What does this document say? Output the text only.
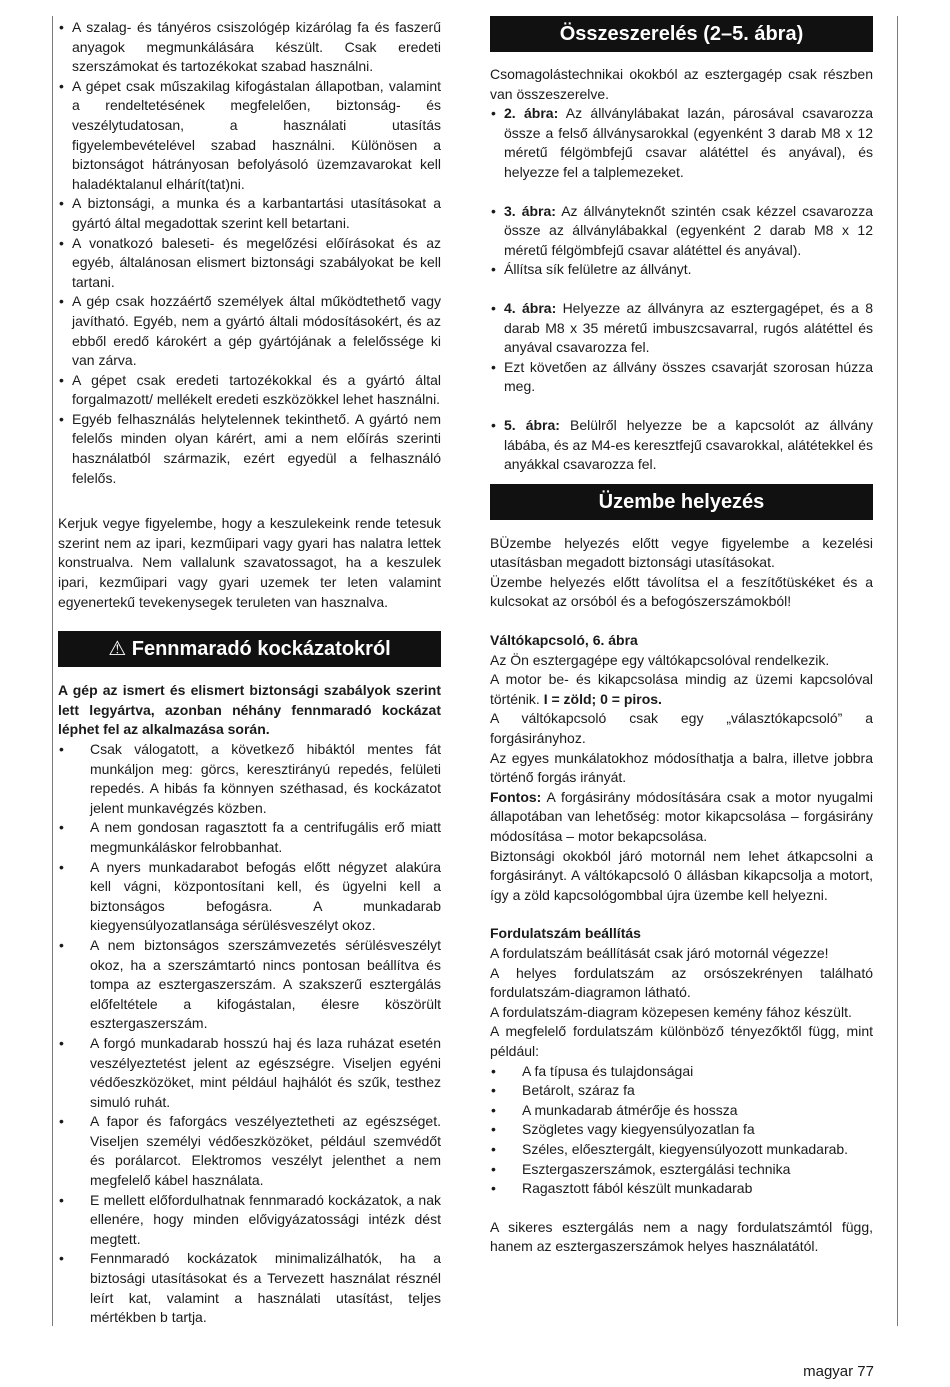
• A szalag- és tányéros csiszológép kizárólag fa és faszerű anyagok megmunkálására készült. Csak eredeti szerszámokat és tartozékokat szabad használni.
• A gépet csak műszakilag kifogástalan állapotban, valamint a rendeltetésének megfelelően, biztonság- és veszélytudatosan, a használati utasítás figyelembevételével szabad használni. Különösen a biztonságot hátrányosan befolyásoló üzemzavarokat kell haladéktalanul elhárít(tat)ni.
• A biztonsági, a munka és a karbantartási utasításokat a gyártó által megadottak szerint kell betartani.
• A vonatkozó baleseti- és megelőzési előírásokat és az egyéb, általánosan elismert biztonsági szabályokat be kell tartani.
• A gép csak hozzáértő személyek által működtethető vagy javítható. Egyéb, nem a gyártó általi módosításokért, és az ebből eredő károkért a gép gyártójának a felelőssége ki van zárva.
• A gépet csak eredeti tartozékokkal és a gyártó által forgalmazott/ mellékelt eredeti eszközökkel lehet használni.
• Egyéb felhasználás helytelennek tekinthető. A gyártó nem felelős minden olyan kárért, ami a nem előírás szerinti használatból származik, ezért egyedül a felhasználó felelős.

Kerjuk vegye figyelembe, hogy a keszulekeink rende tetesuk szerint nem az ipari, kezműipari vagy gyari has nalatra lettek konstrualva. Nem vallalunk szavatossagot, ha a keszulek ipari, kezműipari vagy gyari uzemek ter leten valamint egyenertekű tevekenysegek teruleten van hasznalva.

⚠ Fennmaradó kockázatokról

A gép az ismert és elismert biztonsági szabályok szerint lett legyártva, azonban néhány fennmaradó kockázat léphet fel az alkalmazása során.

• Csak válogatott, a következő hibáktól mentes fát munkáljon meg: görcs, keresztirányú repedés, felületi repedés. A hibás fa könnyen széthasad, és kockázatot jelent munkavégzés közben.
• A nem gondosan ragasztott fa a centrifugális erő miatt megmunkáláskor felrobbanhat.
• A nyers munkadarabot befogás előtt négyzet alakúra kell vágni, központosítani kell, és ügyelni kell a biztonságos befogásra. A munkadarab kiegyensúlyozatlansága sérülésveszélyt okoz.
• A nem biztonságos szerszámvezetés sérülésveszélyt okoz, ha a szerszámtartó nincs pontosan beállítva és tompa az esztergaszerszám. A szakszerű esztergálás előfeltétele a kifogástalan, élesre köszörült esztergaszerszám.
• A forgó munkadarab hosszú haj és laza ruházat esetén veszélyeztetést jelent az egészségre. Viseljen egyéni védőeszközöket, mint például hajhálót és szűk, testhez simuló ruhát.
• A fapor és faforgács veszélyeztetheti az egészséget. Viseljen személyi védőeszközöket, például szemvédőt és porálarcot. Elektromos veszélyt jelenthet a nem megfelelő kábel használata.
• E mellett előfordulhatnak fennmaradó kockázatok, a nak ellenére, hogy minden elővigyázatossági intézk dést megtett.
• Fennmaradó kockázatok minimalizálhatók, ha a biztosági utasításokat és a Tervezett használat résznél leírt kat, valamint a használati utasítást, teljes mértékben b tartja.
Összeszerelés (2–5. ábra)

Csomagolástechnikai okokból az esztergagép csak részben van összeszerelve.

• 2. ábra: Az állványlábakat lazán, párosával csavarozza össze a felső állványsarokkal (egyenként 3 darab M8 x 12 méretű félgömbfejű csavar alátéttel és anyával), és helyezze fel a talplemezeket.
• 3. ábra: Az állványteknőt szintén csak kézzel csavarozza össze az állványlábakkal (egyenként 2 darab M8 x 12 méretű félgömbfejű csavar alátéttel és anyával).
• Állítsa sík felületre az állványt.
• 4. ábra: Helyezze az állványra az esztergagépet, és a 8 darab M8 x 35 méretű imbuszcsavarral, rugós alátéttel és anyával csavarozza fel.
• Ezt követően az állvány összes csavarját szorosan húzza meg.
• 5. ábra: Belülről helyezze be a kapcsolót az állvány lábába, és az M4-es keresztfejű csavarokkal, alátétekkel és anyákkal csavarozza fel.
Üzembe helyezés

BÜzembe helyezés előtt vegye figyelembe a kezelési utasításban megadott biztonsági utasításokat.

Üzembe helyezés előtt távolítsa el a feszítőtüskéket és a kulcsokat az orsóból és a befogószerszámokból!

Váltókapcsoló, 6. ábra

Az Ön esztergagépe egy váltókapcsolóval rendelkezik.

A motor be- és kikapcsolása mindig az üzemi kapcsolóval történik. I = zöld; 0 = piros.

A váltókapcsoló csak egy „választókapcsoló” a forgásirányhoz.

Az egyes munkálatokhoz módosíthatja a balra, illetve jobbra történő forgás irányát.

Fontos: A forgásirány módosítására csak a motor nyugalmi állapotában van lehetőség: motor kikapcsolása – forgásirány módosítása – motor bekapcsolása.

Biztonsági okokból járó motornál nem lehet átkapcsolni a forgásirányt. A váltókapcsoló 0 állásban kikapcsolja a motort, így a zöld kapcsológombbal újra üzembe kell helyezni.

Fordulatszám beállítás

A fordulatszám beállítását csak járó motornál végezze!

A helyes fordulatszám az orsószekrényen található fordulatszám-diagramon látható.

A fordulatszám-diagram közepesen kemény fához készült.

A megfelelő fordulatszám különböző tényezőktől függ, mint például:

• A fa típusa és tulajdonságai
• Betárolt, száraz fa
• A munkadarab átmérője és hossza
• Szögletes vagy kiegyensúlyozatlan fa
• Széles, előesztergált, kiegyensúlyozott munkadarab.
• Esztergaszerszámok, esztergálási technika
• Ragasztott fából készült munkadarab

A sikeres esztergálás nem a nagy fordulatszámtól függ, hanem az esztergaszerszámok helyes használatától.

magyar 77
